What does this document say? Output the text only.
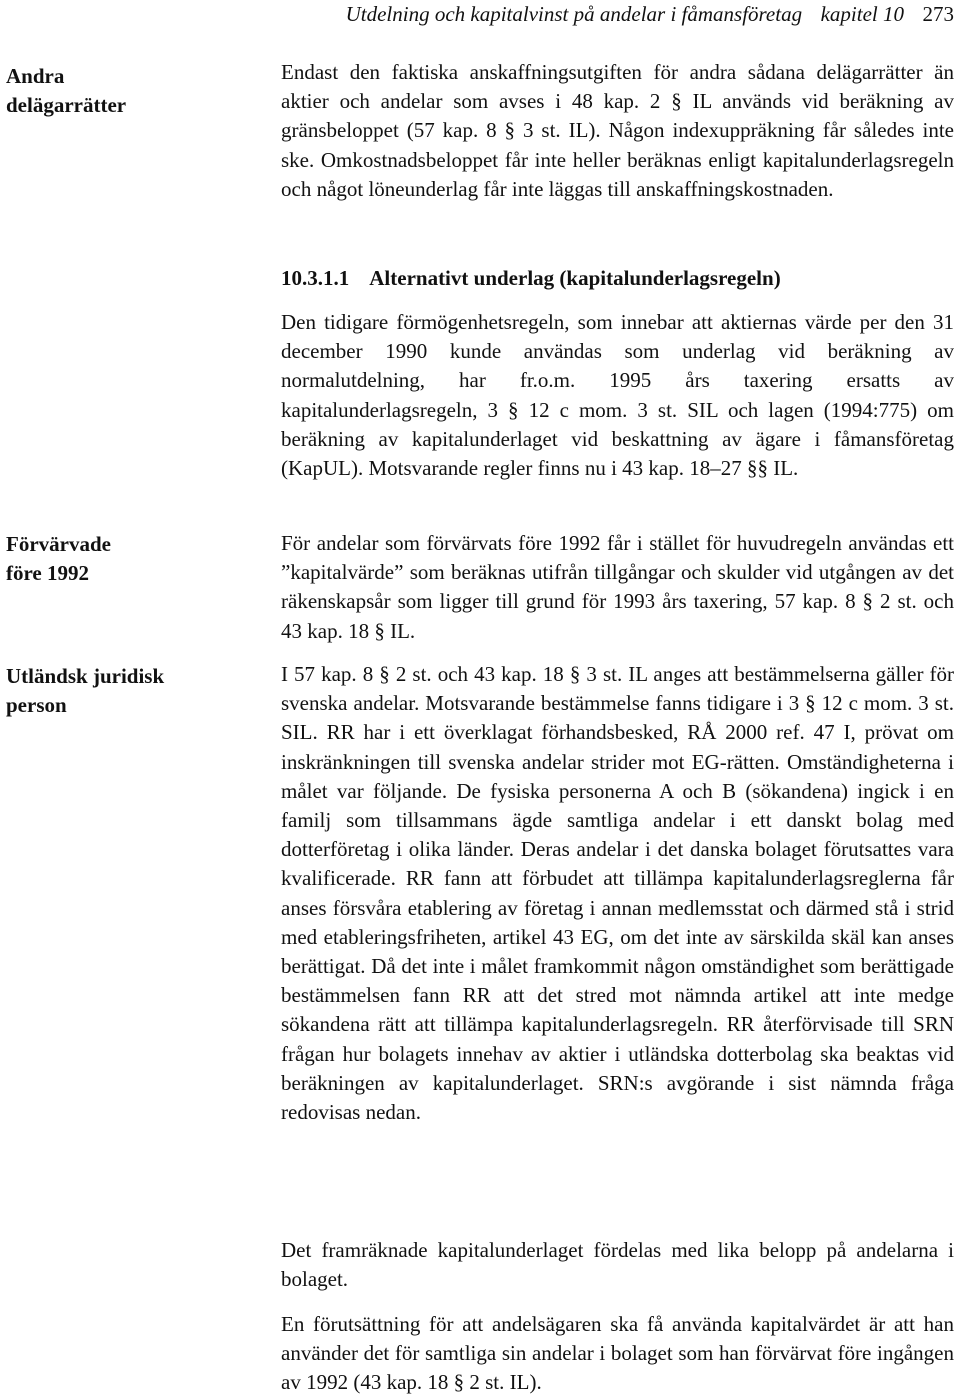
Utdelning och kapitalvinst på andelar i fåmansföretag kapitel 10 273
Andra
delägarrätter
Förvärvade
före 1992
Utländsk juridisk
person

Endast den faktiska anskaffningsutgiften för andra sådana delägarrätter än aktier och andelar som avses i 48 kap. 2 § IL används vid beräkning av gränsbeloppet (57 kap. 8 § 3 st. IL). Någon indexuppräkning får således inte ske. Omkostnadsbeloppet får inte heller beräknas enligt kapitalunderlagsregeln och något löneunderlag får inte läggas till anskaffningskostnaden.

10.3.1.1 Alternativt underlag (kapitalunderlagsregeln)

Den tidigare förmögenhetsregeln, som innebar att aktiernas värde per den 31 december 1990 kunde användas som underlag vid beräkning av normalutdelning, har fr.o.m. 1995 års taxering ersatts av kapitalunderlagsregeln, 3 § 12 c mom. 3 st. SIL och lagen (1994:775) om beräkning av kapitalunderlaget vid beskattning av ägare i fåmansföretag (KapUL). Motsvarande regler finns nu i 43 kap. 18–27 §§ IL.

För andelar som förvärvats före 1992 får i stället för huvudregeln användas ett ”kapitalvärde” som beräknas utifrån tillgångar och skulder vid utgången av det räkenskapsår som ligger till grund för 1993 års taxering, 57 kap. 8 § 2 st. och 43 kap. 18 § IL.

I 57 kap. 8 § 2 st. och 43 kap. 18 § 3 st. IL anges att bestämmelserna gäller för svenska andelar. Motsvarande bestämmelse fanns tidigare i 3 § 12 c mom. 3 st. SIL. RR har i ett överklagat förhandsbesked, RÅ 2000 ref. 47 I, prövat om inskränkningen till svenska andelar strider mot EG-rätten. Omständigheterna i målet var följande. De fysiska personerna A och B (sökandena) ingick i en familj som tillsammans ägde samtliga andelar i ett danskt bolag med dotterföretag i olika länder. Deras andelar i det danska bolaget förutsattes vara kvalificerade. RR fann att förbudet att tillämpa kapitalunderlagsreglerna får anses försvåra etablering av företag i annan medlemsstat och därmed stå i strid med etableringsfriheten, artikel 43 EG, om det inte av särskilda skäl kan anses berättigat. Då det inte i målet framkommit någon omständighet som berättigade bestämmelsen fann RR att det stred mot nämnda artikel att inte medge sökandena rätt att tillämpa kapitalunderlagsregeln. RR återförvisade till SRN frågan hur bolagets innehav av aktier i utländska dotterbolag ska beaktas vid beräkningen av kapitalunderlaget. SRN:s avgörande i sist nämnda fråga redovisas nedan.

Det framräknade kapitalunderlaget fördelas med lika belopp på andelarna i bolaget.

En förutsättning för att andelsägaren ska få använda kapitalvärdet är att han använder det för samtliga sin andelar i bolaget som han förvärvat före ingången av 1992 (43 kap. 18 § 2 st. IL).
